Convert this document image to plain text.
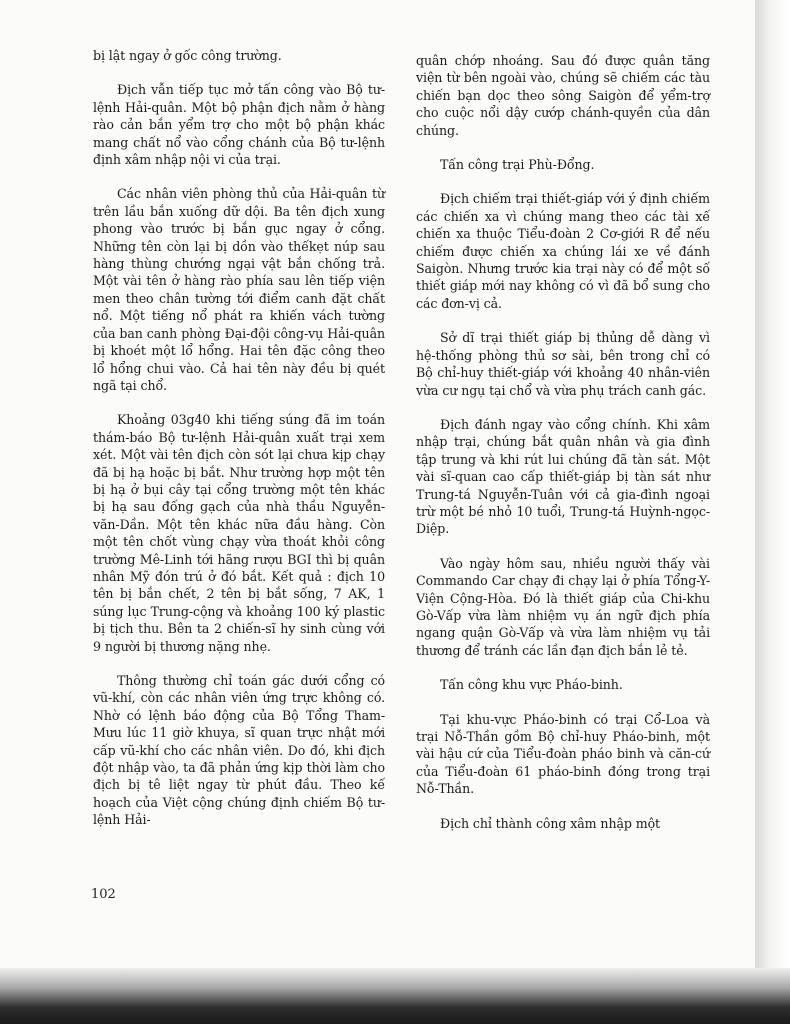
bị lật ngay ở gốc công trường.

Địch vẫn tiếp tục mở tấn công vào Bộ tư-lệnh Hải-quân. Một bộ phận địch nằm ở hàng rào cản bắn yểm trợ cho một bộ phận khác mang chất nổ vào cổng chánh của Bộ tư-lệnh định xâm nhập nội vi của trại.

Các nhân viên phòng thủ của Hải-quân từ trên lầu bắn xuống dữ dội. Ba tên địch xung phong vào trước bị bắn gục ngay ở cổng. Những tên còn lại bị dồn vào thếkẹt núp sau hàng thùng chướng ngại vật bắn chống trả. Một vài tên ở hàng rào phía sau lên tiếp viện men theo chân tường tới điểm canh đặt chất nổ. Một tiếng nổ phát ra khiến vách tường của ban canh phòng Đại-đội công-vụ Hải-quân bị khoét một lổ hổng. Hai tên đặc công theo lổ hổng chui vào. Cả hai tên này đều bị quét ngã tại chổ.

Khoảng 03g40 khi tiếng súng đã im toán thám-báo Bộ tư-lệnh Hải-quân xuất trại xem xét. Một vài tên địch còn sót lại chưa kịp chạy đã bị hạ hoặc bị bắt. Như trường hợp một tên bị hạ ở bụi cây tại cổng trường một tên khác bị hạ sau đống gạch của nhà thầu Nguyễn-văn-Dần. Một tên khác nữa đầu hàng. Còn một tên chốt vùng chạy vừa thoát khỏi công trường Mê-Linh tới hãng rượu BGI thì bị quân nhân Mỹ đón trú ở đó bắt. Kết quả : địch 10 tên bị bắn chết, 2 tên bị bắt sống, 7 AK, 1 súng lục Trung-cộng và khoảng 100 ký plastic bị tịch thu. Bên ta 2 chiến-sĩ hy sinh cùng với 9 người bị thương nặng nhẹ.

Thông thường chỉ toán gác dưới cổng có vũ-khí, còn các nhân viên ứng trực không có. Nhờ có lệnh báo động của Bộ Tổng Tham-Mưu lúc 11 giờ khuya, sĩ quan trực nhật mới cấp vũ-khí cho các nhân viên. Do đó, khi địch đột nhập vào, ta đã phản ứng kịp thời làm cho địch bị tê liệt ngay từ phút đầu. Theo kế hoạch của Việt cộng chúng định chiếm Bộ tư-lệnh Hải-

quân chớp nhoáng. Sau đó được quân tăng viện từ bên ngoài vào, chúng sẽ chiếm các tàu chiến bạn dọc theo sông Saigòn để yểm-trợ cho cuộc nổi dậy cướp chánh-quyền của dân chúng.

Tấn công trại Phù-Đổng.

Địch chiếm trại thiết-giáp với ý định chiếm các chiến xa vì chúng mang theo các tài xế chiến xa thuộc Tiểu-đoàn 2 Cơ-giới R để nếu chiếm được chiến xa chúng lái xe về đánh Saigòn. Nhưng trước kia trại này có để một số thiết giáp mới nay không có vì đã bổ sung cho các đơn-vị cả.

Sở dĩ trại thiết giáp bị thủng dễ dàng vì hệ-thống phòng thủ sơ sài, bên trong chỉ có Bộ chỉ-huy thiết-giáp với khoảng 40 nhân-viên vừa cư ngụ tại chổ và vừa phụ trách canh gác.

Địch đánh ngay vào cổng chính. Khi xâm nhập trại, chúng bắt quân nhân và gia đình tập trung và khi rút lui chúng đã tàn sát. Một vài sĩ-quan cao cấp thiết-giáp bị tàn sát như Trung-tá Nguyễn-Tuân với cả gia-đình ngoại trừ một bé nhỏ 10 tuổi, Trung-tá Huỳnh-ngọc-Diệp.

Vào ngày hôm sau, nhiều người thấy vài Commando Car chạy đi chạy lại ở phía Tổng-Y-Viện Cộng-Hòa. Đó là thiết giáp của Chi-khu Gò-Vấp vừa làm nhiệm vụ án ngữ địch phía ngang quận Gò-Vấp và vừa làm nhiệm vụ tải thương để tránh các lần đạn địch bắn lẻ tẻ.

Tấn công khu vực Pháo-binh.

Tại khu-vực Pháo-binh có trại Cổ-Loa và trại Nỗ-Thần gồm Bộ chỉ-huy Pháo-binh, một vài hậu cứ của Tiểu-đoàn pháo binh và căn-cứ của Tiểu-đoàn 61 pháo-binh đóng trong trại Nỗ-Thần.

Địch chỉ thành công xâm nhập một

102
